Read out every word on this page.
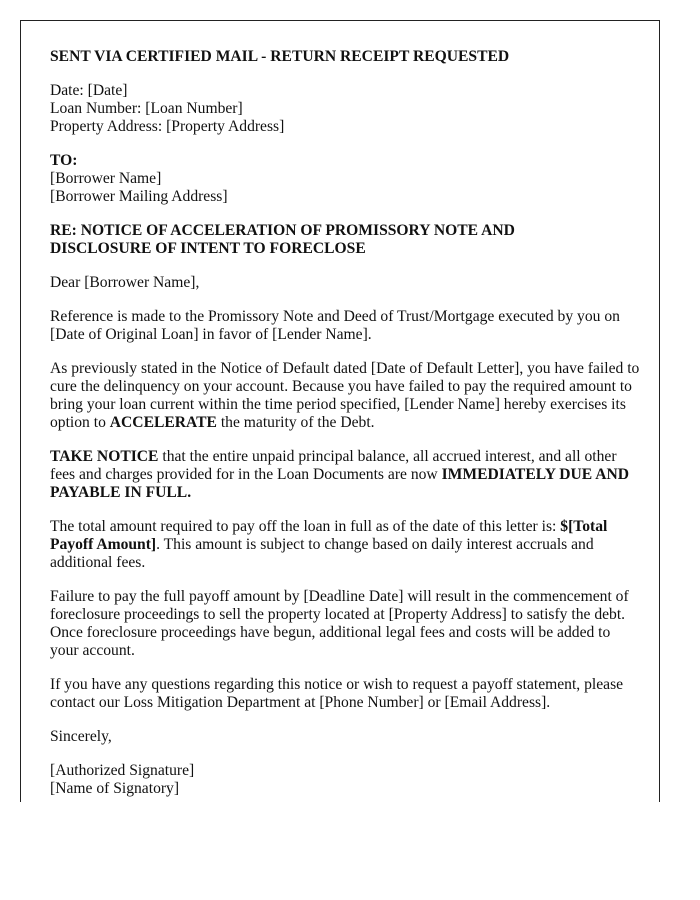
SENT VIA CERTIFIED MAIL - RETURN RECEIPT REQUESTED

Date: [Date]
Loan Number: [Loan Number]
Property Address: [Property Address]

TO:
[Borrower Name]
[Borrower Mailing Address]

RE: NOTICE OF ACCELERATION OF PROMISSORY NOTE AND
DISCLOSURE OF INTENT TO FORECLOSE

Dear [Borrower Name],

Reference is made to the Promissory Note and Deed of Trust/Mortgage executed by you on [Date of Original Loan] in favor of [Lender Name].

As previously stated in the Notice of Default dated [Date of Default Letter], you have failed to cure the delinquency on your account. Because you have failed to pay the required amount to bring your loan current within the time period specified, [Lender Name] hereby exercises its option to ACCELERATE the maturity of the Debt.

TAKE NOTICE that the entire unpaid principal balance, all accrued interest, and all other fees and charges provided for in the Loan Documents are now IMMEDIATELY DUE AND PAYABLE IN FULL.

The total amount required to pay off the loan in full as of the date of this letter is: $[Total Payoff Amount]. This amount is subject to change based on daily interest accruals and additional fees.

Failure to pay the full payoff amount by [Deadline Date] will result in the commencement of foreclosure proceedings to sell the property located at [Property Address] to satisfy the debt. Once foreclosure proceedings have begun, additional legal fees and costs will be added to your account.

If you have any questions regarding this notice or wish to request a payoff statement, please contact our Loss Mitigation Department at [Phone Number] or [Email Address].

Sincerely,

[Authorized Signature]
[Name of Signatory]
